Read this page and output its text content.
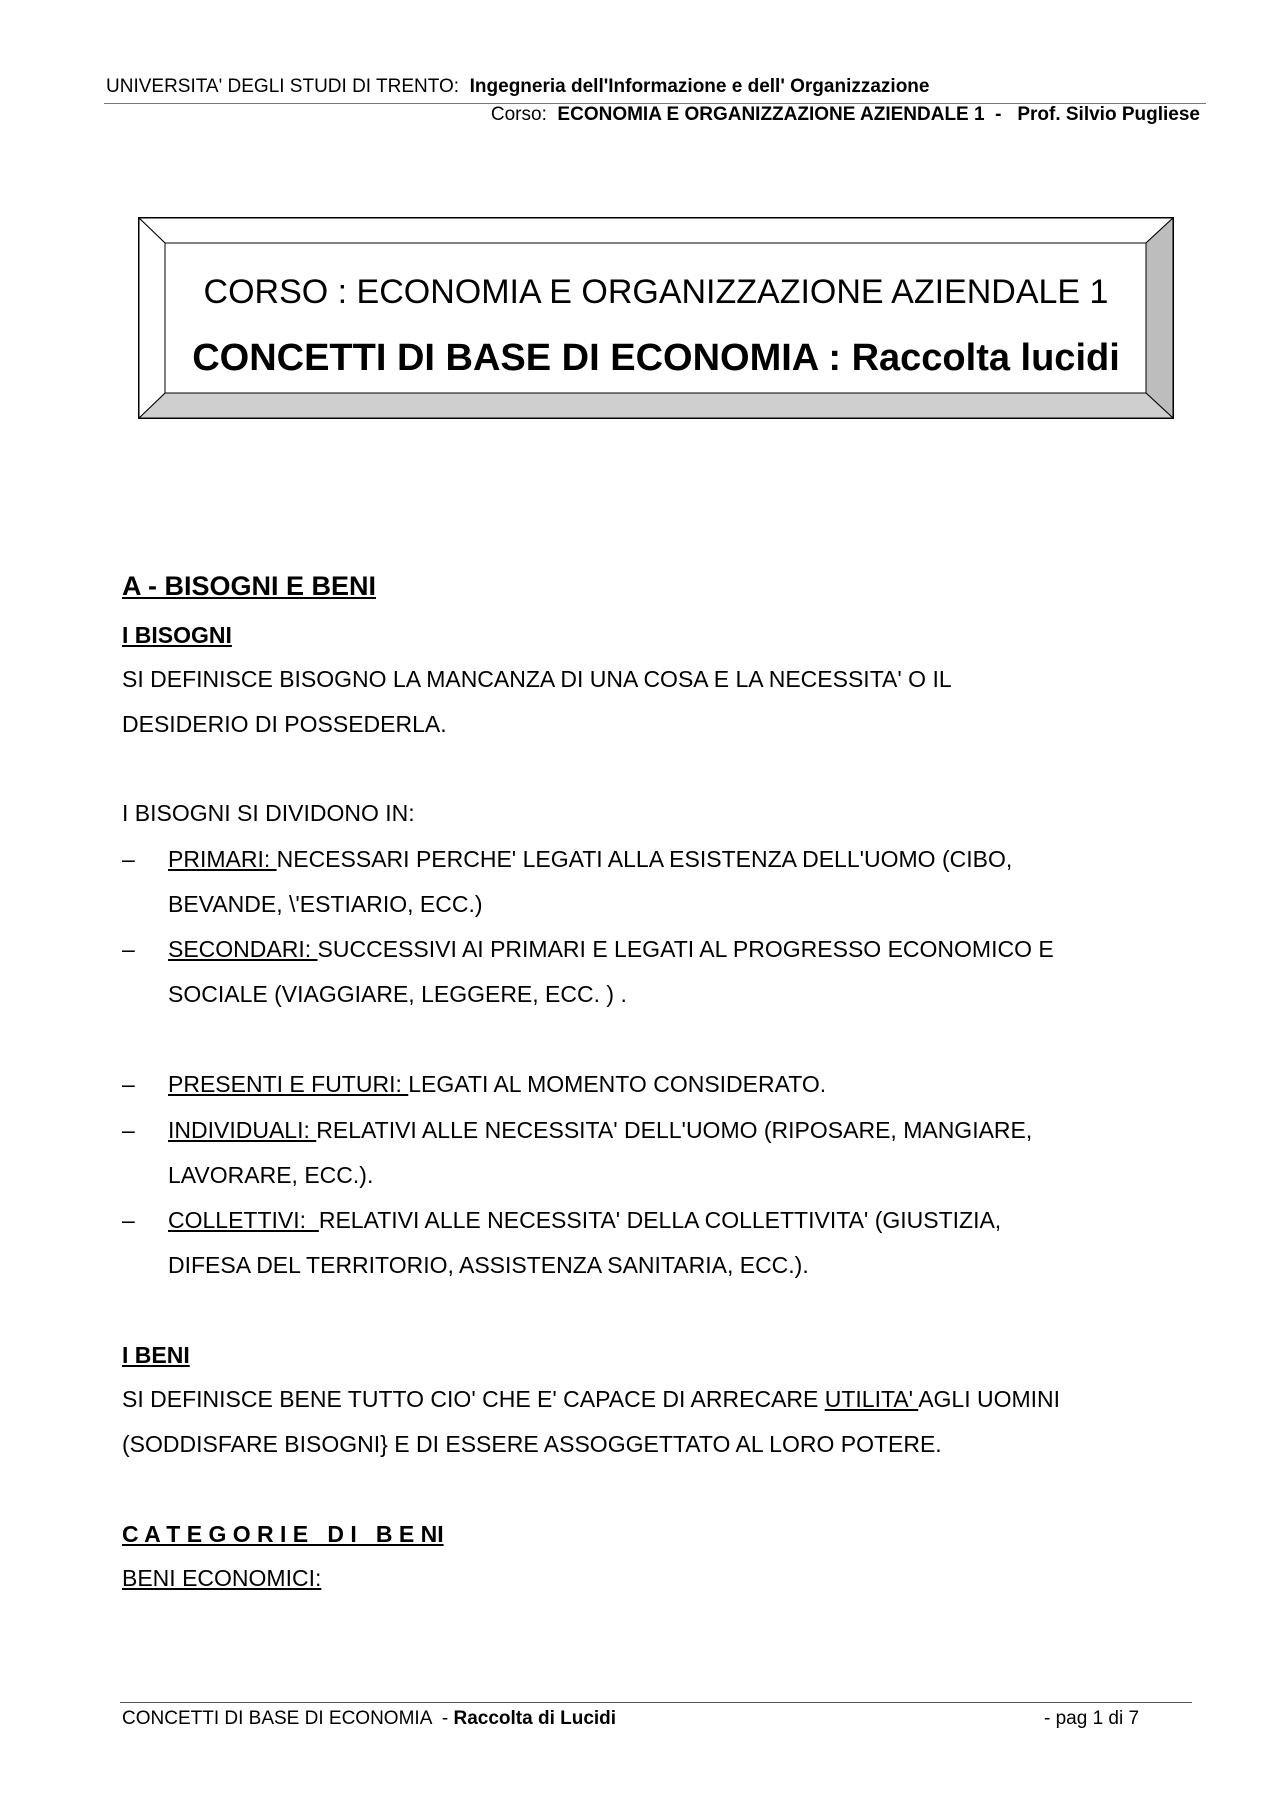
UNIVERSITA' DEGLI STUDI DI TRENTO: Ingegneria dell'Informazione e dell' Organizzazione
Corso: ECONOMIA E ORGANIZZAZIONE AZIENDALE 1 - Prof. Silvio Pugliese
CORSO : ECONOMIA E ORGANIZZAZIONE AZIENDALE 1
CONCETTI DI BASE DI ECONOMIA : Raccolta lucidi
A - BISOGNI E BENI
I BISOGNI
SI DEFINISCE BISOGNO LA MANCANZA DI UNA COSA E LA NECESSITA' O IL
DESIDERIO DI POSSEDERLA.
I BISOGNI SI DIVIDONO IN:
– PRIMARI: NECESSARI PERCHE' LEGATI ALLA ESISTENZA DELL'UOMO (CIBO,
BEVANDE, \'ESTIARIO, ECC.)
– SECONDARI: SUCCESSIVI AI PRIMARI E LEGATI AL PROGRESSO ECONOMICO E
SOCIALE (VIAGGIARE, LEGGERE, ECC. ) .
– PRESENTI E FUTURI: LEGATI AL MOMENTO CONSIDERATO.
– INDIVIDUALI: RELATIVI ALLE NECESSITA' DELL'UOMO (RIPOSARE, MANGIARE,
LAVORARE, ECC.).
– COLLETTIVI:  RELATIVI ALLE NECESSITA' DELLA COLLETTIVITA' (GIUSTIZIA,
DIFESA DEL TERRITORIO, ASSISTENZA SANITARIA, ECC.).
I BENI
SI DEFINISCE BENE TUTTO CIO' CHE E' CAPACE DI ARRECARE UTILITA' AGLI UOMINI
(SODDISFARE BISOGNI} E DI ESSERE ASSOGGETTATO AL LORO POTERE.
C A T E G O R I E   D I   B E NI
BENI ECONOMICI:
CONCETTI DI BASE DI ECONOMIA  - Raccolta di Lucidi	- pag 1 di 7
